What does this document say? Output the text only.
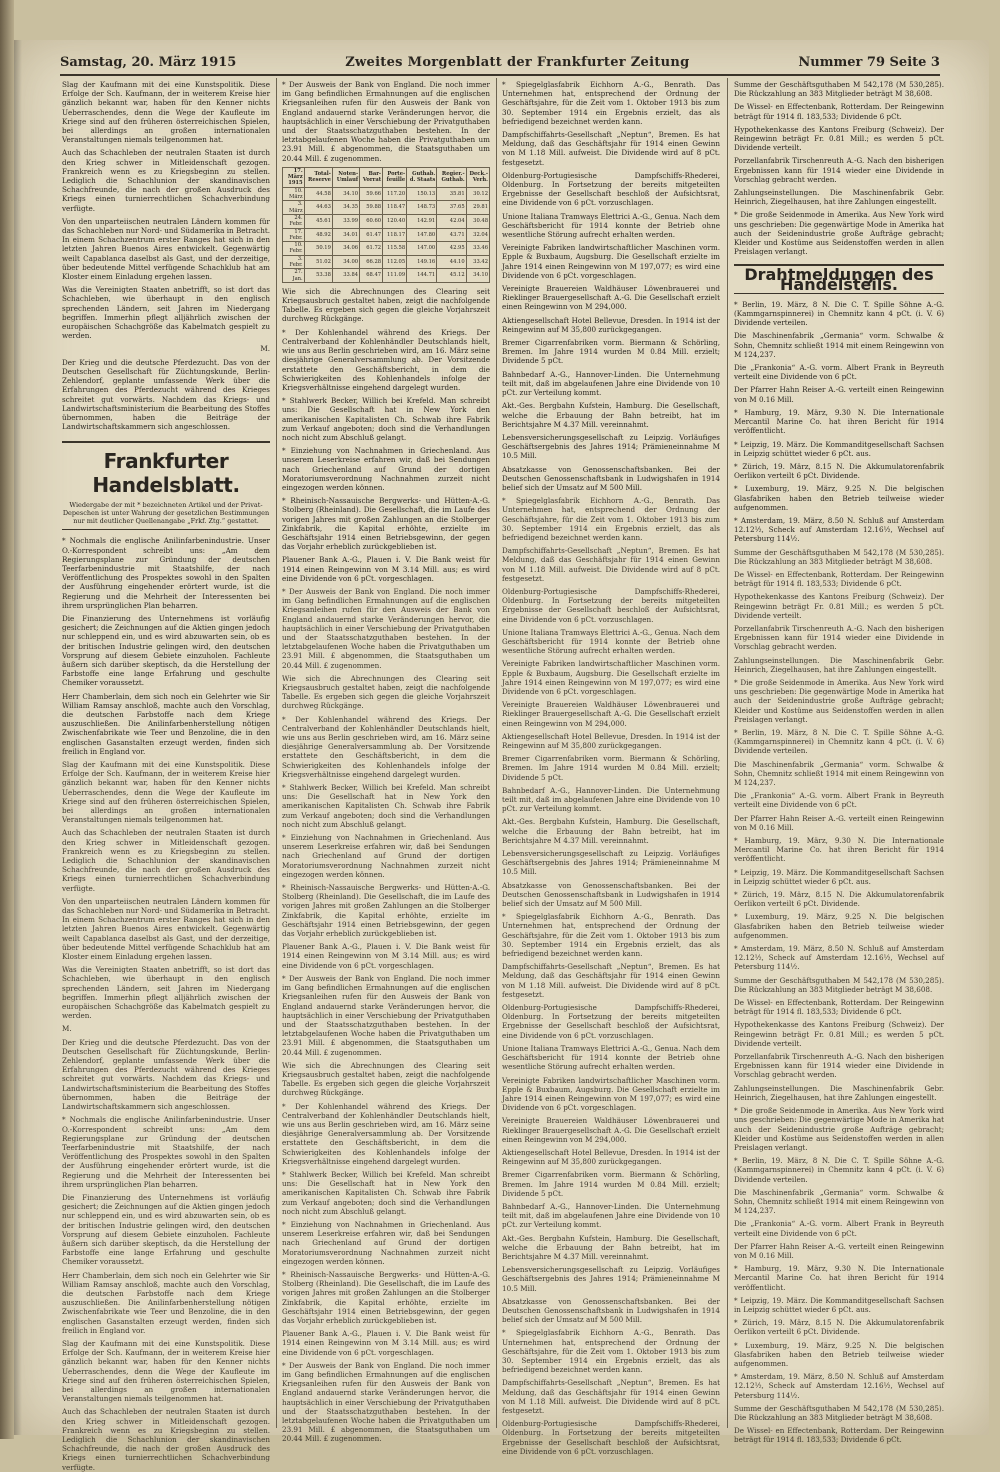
Samstag, 20. März 1915	Zweites Morgenblatt der Frankfurter Zeitung	Nummer 79 Seite 3

Slag der Kaufmann mit dei eine Kunstspolitik. Diese Erfolge der Sch. Kaufmann, der in weiterem Kreise hier gänzlich bekannt war, haben für den Kenner nichts Ueberraschendes, denn die Wege der Kaufleute im Kriege sind auf den früheren österreichischen Spielen, bei allerdings an großen internationalen Veranstaltungen niemals teilgenommen hat.

Auch das Schachleben der neutralen Staaten ist durch den Krieg schwer in Mitleidenschaft gezogen. Frankreich wenn es zu Kriegsbeginn zu stellen. Lediglich die Schachlunion der skandinavischen Schachfreunde, die nach der großen Ausdruck des Kriegs einen turnierrechtlichen Schachverbindung verfügte.

Von den unparteiischen neutralen Ländern kommen für das Schachleben nur Nord- und Südamerika in Betracht. In einem Schachzentrum erster Ranges hat sich in den letzten Jahren Buenos Aires entwickelt. Gegenwärtig weilt Capablanca daselbst als Gast, und der derzeitige, über bedeutende Mittel verfügende Schachklub hat am Kloster einem Einladung ergehen lassen.

Was die Vereinigten Staaten anbetrifft, so ist dort das Schachleben, wie überhaupt in den englisch sprechenden Ländern, seit Jahren im Niedergang begriffen. Immerhin pflegt alljährlich zwischen der europäischen Schachgröße das Kabelmatch gespielt zu werden.

M.

Der Krieg und die deutsche Pferdezucht. Das von der Deutschen Gesellschaft für Züchtungskunde, Berlin-Zehlendorf, geplante umfassende Werk über die Erfahrungen des Pferdezucht während des Krieges schreitet gut vorwärts. Nachdem das Kriegs- und Landwirtschaftsministerium die Bearbeitung des Stoffes übernommen, haben die Beiträge der Landwirtschaftskammern sich angeschlossen.

Frankfurter Handelsblatt.
Wiedergabe der mit * bezeichneten Artikel und der Privat-Depeschen ist unter Wahrung der gesetzlichen Bestimmungen nur mit deutlicher Quellenangabe „Frkf. Ztg.“ gestattet.

* Nochmals die englische Anilinfarbenindustrie. Unser O.-Korrespondent schreibt uns: „Am dem Regierungsplane zur Gründung der deutschen Teerfarbenindustrie mit Staatshilfe, der nach Veröffentlichung des Prospektes sowohl in den Spalten der Ausführung eingehender erörtert wurde, ist die Regierung und die Mehrheit der Interessenten bei ihrem ursprünglichen Plan beharren.

Die Finanzierung des Unternehmens ist vorläufig gesichert; die Zeichnungen auf die Aktien gingen jedoch nur schleppend ein, und es wird abzuwarten sein, ob es der britischen Industrie gelingen wird, den deutschen Vorsprung auf diesem Gebiete einzuholen. Fachleute äußern sich darüber skeptisch, da die Herstellung der Farbstoffe eine lange Erfahrung und geschulte Chemiker voraussetzt.

Herr Chamberlain, dem sich noch ein Gelehrter wie Sir William Ramsay anschloß, machte auch den Vorschlag, die deutschen Farbstoffe nach dem Kriege auszuschließen. Die Anilinfarbenherstellung nötigen Zwischenfabrikate wie Teer und Benzoline, die in den englischen Gasanstalten erzeugt werden, finden sich freilich in England vor.

Slag der Kaufmann mit dei eine Kunstspolitik. Diese Erfolge der Sch. Kaufmann, der in weiterem Kreise hier gänzlich bekannt war, haben für den Kenner nichts Ueberraschendes, denn die Wege der Kaufleute im Kriege sind auf den früheren österreichischen Spielen, bei allerdings an großen internationalen Veranstaltungen niemals teilgenommen hat.

Auch das Schachleben der neutralen Staaten ist durch den Krieg schwer in Mitleidenschaft gezogen. Frankreich wenn es zu Kriegsbeginn zu stellen. Lediglich die Schachlunion der skandinavischen Schachfreunde, die nach der großen Ausdruck des Kriegs einen turnierrechtlichen Schachverbindung verfügte.

Von den unparteiischen neutralen Ländern kommen für das Schachleben nur Nord- und Südamerika in Betracht. In einem Schachzentrum erster Ranges hat sich in den letzten Jahren Buenos Aires entwickelt. Gegenwärtig weilt Capablanca daselbst als Gast, und der derzeitige, über bedeutende Mittel verfügende Schachklub hat am Kloster einem Einladung ergehen lassen.

Was die Vereinigten Staaten anbetrifft, so ist dort das Schachleben, wie überhaupt in den englisch sprechenden Ländern, seit Jahren im Niedergang begriffen. Immerhin pflegt alljährlich zwischen der europäischen Schachgröße das Kabelmatch gespielt zu werden.

M.

Der Krieg und die deutsche Pferdezucht. Das von der Deutschen Gesellschaft für Züchtungskunde, Berlin-Zehlendorf, geplante umfassende Werk über die Erfahrungen des Pferdezucht während des Krieges schreitet gut vorwärts. Nachdem das Kriegs- und Landwirtschaftsministerium die Bearbeitung des Stoffes übernommen, haben die Beiträge der Landwirtschaftskammern sich angeschlossen.

* Nochmals die englische Anilinfarbenindustrie. Unser O.-Korrespondent schreibt uns: „Am dem Regierungsplane zur Gründung der deutschen Teerfarbenindustrie mit Staatshilfe, der nach Veröffentlichung des Prospektes sowohl in den Spalten der Ausführung eingehender erörtert wurde, ist die Regierung und die Mehrheit der Interessenten bei ihrem ursprünglichen Plan beharren.

Die Finanzierung des Unternehmens ist vorläufig gesichert; die Zeichnungen auf die Aktien gingen jedoch nur schleppend ein, und es wird abzuwarten sein, ob es der britischen Industrie gelingen wird, den deutschen Vorsprung auf diesem Gebiete einzuholen. Fachleute äußern sich darüber skeptisch, da die Herstellung der Farbstoffe eine lange Erfahrung und geschulte Chemiker voraussetzt.

Herr Chamberlain, dem sich noch ein Gelehrter wie Sir William Ramsay anschloß, machte auch den Vorschlag, die deutschen Farbstoffe nach dem Kriege auszuschließen. Die Anilinfarbenherstellung nötigen Zwischenfabrikate wie Teer und Benzoline, die in den englischen Gasanstalten erzeugt werden, finden sich freilich in England vor.

Slag der Kaufmann mit dei eine Kunstspolitik. Diese Erfolge der Sch. Kaufmann, der in weiterem Kreise hier gänzlich bekannt war, haben für den Kenner nichts Ueberraschendes, denn die Wege der Kaufleute im Kriege sind auf den früheren österreichischen Spielen, bei allerdings an großen internationalen Veranstaltungen niemals teilgenommen hat.

Auch das Schachleben der neutralen Staaten ist durch den Krieg schwer in Mitleidenschaft gezogen. Frankreich wenn es zu Kriegsbeginn zu stellen. Lediglich die Schachlunion der skandinavischen Schachfreunde, die nach der großen Ausdruck des Kriegs einen turnierrechtlichen Schachverbindung verfügte.

* Der Ausweis der Bank von England. Die noch immer im Gang befindlichen Ermahnungen auf die englischen Kriegsanleihen rufen für den Ausweis der Bank von England andauernd starke Veränderungen hervor, die hauptsächlich in einer Verschiebung der Privatguthaben und der Staatsschatzguthaben bestehen. In der letztabgelaufenen Woche haben die Privatguthaben um 23.91 Mill. £ abgenommen, die Staatsguthaben um 20.44 Mill. £ zugenommen.

17. März 1915	Total-Reserve	Noten-Umlauf	Bar-Vorrat	Porte-feuille	Guthab. d. Staats	Regier.-Guthab.	Deck.-Verh.
10. März	44.58	34.10	59.66	117.20	150.13	35.81	30.12
3. März	44.63	34.35	59.88	118.47	148.73	37.65	29.81
24. Febr.	45.61	33.99	60.60	120.40	142.91	42.04	30.48
17. Febr.	48.92	34.01	61.47	118.17	147.80	43.71	32.04
10. Febr.	50.19	34.06	61.72	115.58	147.00	42.95	33.46
3. Febr.	51.02	34.00	66.28	112.05	149.16	44.10	33.42
27. Jan.	53.38	33.84	68.47	111.09	144.71	45.12	34.10

Wie sich die Abrechnungen des Clearing seit Kriegsausbruch gestaltet haben, zeigt die nachfolgende Tabelle. Es ergeben sich gegen die gleiche Vorjahrszeit durchweg Rückgänge.

* Der Kohlenhandel während des Kriegs. Der Centralverband der Kohlenhändler Deutschlands hielt, wie uns aus Berlin geschrieben wird, am 16. März seine diesjährige Generalversammlung ab. Der Vorsitzende erstattete den Geschäftsbericht, in dem die Schwierigkeiten des Kohlenhandels infolge der Kriegsverhältnisse eingehend dargelegt wurden.

* Stahlwerk Becker, Willich bei Krefeld. Man schreibt uns: Die Gesellschaft hat in New York den amerikanischen Kapitalisten Ch. Schwab ihre Fabrik zum Verkauf angeboten; doch sind die Verhandlungen noch nicht zum Abschluß gelangt.

* Einziehung von Nachnahmen in Griechenland. Aus unserem Leserkreise erfahren wir, daß bei Sendungen nach Griechenland auf Grund der dortigen Moratoriumsverordnung Nachnahmen zurzeit nicht eingezogen werden können.

* Rheinisch-Nassauische Bergwerks- und Hütten-A.-G. Stolberg (Rheinland). Die Gesellschaft, die im Laufe des vorigen Jahres mit großen Zahlungen an die Stolberger Zinkfabrik, die Kapital erhöhte, erzielte im Geschäftsjahr 1914 einen Betriebsgewinn, der gegen das Vorjahr erheblich zurückgeblieben ist.

Plauener Bank A.-G., Plauen i. V. Die Bank weist für 1914 einen Reingewinn von M 3.14 Mill. aus; es wird eine Dividende von 6 pCt. vorgeschlagen.

* Der Ausweis der Bank von England. Die noch immer im Gang befindlichen Ermahnungen auf die englischen Kriegsanleihen rufen für den Ausweis der Bank von England andauernd starke Veränderungen hervor, die hauptsächlich in einer Verschiebung der Privatguthaben und der Staatsschatzguthaben bestehen. In der letztabgelaufenen Woche haben die Privatguthaben um 23.91 Mill. £ abgenommen, die Staatsguthaben um 20.44 Mill. £ zugenommen.

Wie sich die Abrechnungen des Clearing seit Kriegsausbruch gestaltet haben, zeigt die nachfolgende Tabelle. Es ergeben sich gegen die gleiche Vorjahrszeit durchweg Rückgänge.

* Der Kohlenhandel während des Kriegs. Der Centralverband der Kohlenhändler Deutschlands hielt, wie uns aus Berlin geschrieben wird, am 16. März seine diesjährige Generalversammlung ab. Der Vorsitzende erstattete den Geschäftsbericht, in dem die Schwierigkeiten des Kohlenhandels infolge der Kriegsverhältnisse eingehend dargelegt wurden.

* Stahlwerk Becker, Willich bei Krefeld. Man schreibt uns: Die Gesellschaft hat in New York den amerikanischen Kapitalisten Ch. Schwab ihre Fabrik zum Verkauf angeboten; doch sind die Verhandlungen noch nicht zum Abschluß gelangt.

* Einziehung von Nachnahmen in Griechenland. Aus unserem Leserkreise erfahren wir, daß bei Sendungen nach Griechenland auf Grund der dortigen Moratoriumsverordnung Nachnahmen zurzeit nicht eingezogen werden können.

* Rheinisch-Nassauische Bergwerks- und Hütten-A.-G. Stolberg (Rheinland). Die Gesellschaft, die im Laufe des vorigen Jahres mit großen Zahlungen an die Stolberger Zinkfabrik, die Kapital erhöhte, erzielte im Geschäftsjahr 1914 einen Betriebsgewinn, der gegen das Vorjahr erheblich zurückgeblieben ist.

Plauener Bank A.-G., Plauen i. V. Die Bank weist für 1914 einen Reingewinn von M 3.14 Mill. aus; es wird eine Dividende von 6 pCt. vorgeschlagen.

* Der Ausweis der Bank von England. Die noch immer im Gang befindlichen Ermahnungen auf die englischen Kriegsanleihen rufen für den Ausweis der Bank von England andauernd starke Veränderungen hervor, die hauptsächlich in einer Verschiebung der Privatguthaben und der Staatsschatzguthaben bestehen. In der letztabgelaufenen Woche haben die Privatguthaben um 23.91 Mill. £ abgenommen, die Staatsguthaben um 20.44 Mill. £ zugenommen.

Wie sich die Abrechnungen des Clearing seit Kriegsausbruch gestaltet haben, zeigt die nachfolgende Tabelle. Es ergeben sich gegen die gleiche Vorjahrszeit durchweg Rückgänge.

* Der Kohlenhandel während des Kriegs. Der Centralverband der Kohlenhändler Deutschlands hielt, wie uns aus Berlin geschrieben wird, am 16. März seine diesjährige Generalversammlung ab. Der Vorsitzende erstattete den Geschäftsbericht, in dem die Schwierigkeiten des Kohlenhandels infolge der Kriegsverhältnisse eingehend dargelegt wurden.

* Stahlwerk Becker, Willich bei Krefeld. Man schreibt uns: Die Gesellschaft hat in New York den amerikanischen Kapitalisten Ch. Schwab ihre Fabrik zum Verkauf angeboten; doch sind die Verhandlungen noch nicht zum Abschluß gelangt.

* Einziehung von Nachnahmen in Griechenland. Aus unserem Leserkreise erfahren wir, daß bei Sendungen nach Griechenland auf Grund der dortigen Moratoriumsverordnung Nachnahmen zurzeit nicht eingezogen werden können.

* Rheinisch-Nassauische Bergwerks- und Hütten-A.-G. Stolberg (Rheinland). Die Gesellschaft, die im Laufe des vorigen Jahres mit großen Zahlungen an die Stolberger Zinkfabrik, die Kapital erhöhte, erzielte im Geschäftsjahr 1914 einen Betriebsgewinn, der gegen das Vorjahr erheblich zurückgeblieben ist.

Plauener Bank A.-G., Plauen i. V. Die Bank weist für 1914 einen Reingewinn von M 3.14 Mill. aus; es wird eine Dividende von 6 pCt. vorgeschlagen.

* Der Ausweis der Bank von England. Die noch immer im Gang befindlichen Ermahnungen auf die englischen Kriegsanleihen rufen für den Ausweis der Bank von England andauernd starke Veränderungen hervor, die hauptsächlich in einer Verschiebung der Privatguthaben und der Staatsschatzguthaben bestehen. In der letztabgelaufenen Woche haben die Privatguthaben um 23.91 Mill. £ abgenommen, die Staatsguthaben um 20.44 Mill. £ zugenommen.

* Spiegelglasfabrik Eichhorn A.-G., Benrath. Das Unternehmen hat, entsprechend der Ordnung der Geschäftsjahre, für die Zeit vom 1. Oktober 1913 bis zum 30. September 1914 ein Ergebnis erzielt, das als befriedigend bezeichnet werden kann.

Dampfschiffahrts-Gesellschaft „Neptun“, Bremen. Es hat Meldung, daß das Geschäftsjahr für 1914 einen Gewinn von M 1.18 Mill. aufweist. Die Dividende wird auf 8 pCt. festgesetzt.

Oldenburg-Portugiesische Dampfschiffs-Rhederei, Oldenburg. In Fortsetzung der bereits mitgeteilten Ergebnisse der Gesellschaft beschloß der Aufsichtsrat, eine Dividende von 6 pCt. vorzuschlagen.

Unione Italiana Tramways Elettrici A.-G., Genua. Nach dem Geschäftsbericht für 1914 konnte der Betrieb ohne wesentliche Störung aufrecht erhalten werden.

Vereinigte Fabriken landwirtschaftlicher Maschinen vorm. Epple & Buxbaum, Augsburg. Die Gesellschaft erzielte im Jahre 1914 einen Reingewinn von M 197,077; es wird eine Dividende von 6 pCt. vorgeschlagen.

Vereinigte Brauereien Waldhäuser Löwenbrauerei und Rieklinger Brauergesellschaft A.-G. Die Gesellschaft erzielt einen Reingewinn von M 294,000.

Aktiengesellschaft Hotel Bellevue, Dresden. In 1914 ist der Reingewinn auf M 35,800 zurückgegangen.

Bremer Cigarrenfabriken vorm. Biermann & Schörling, Bremen. Im Jahre 1914 wurden M 0.84 Mill. erzielt; Dividende 5 pCt.

Bahnbedarf A.-G., Hannover-Linden. Die Unternehmung teilt mit, daß im abgelaufenen Jahre eine Dividende von 10 pCt. zur Verteilung kommt.

Akt.-Ges. Bergbahn Kufstein, Hamburg. Die Gesellschaft, welche die Erbauung der Bahn betreibt, hat im Berichtsjahre M 4.37 Mill. vereinnahmt.

Lebensversicherungsgesellschaft zu Leipzig. Vorläufiges Geschäftsergebnis des Jahres 1914; Prämieneinnahme M 10.5 Mill.

Absatzkasse von Genossenschaftsbanken. Bei der Deutschen Genossenschaftsbank in Ludwigshafen in 1914 belief sich der Umsatz auf M 500 Mill.

* Spiegelglasfabrik Eichhorn A.-G., Benrath. Das Unternehmen hat, entsprechend der Ordnung der Geschäftsjahre, für die Zeit vom 1. Oktober 1913 bis zum 30. September 1914 ein Ergebnis erzielt, das als befriedigend bezeichnet werden kann.

Dampfschiffahrts-Gesellschaft „Neptun“, Bremen. Es hat Meldung, daß das Geschäftsjahr für 1914 einen Gewinn von M 1.18 Mill. aufweist. Die Dividende wird auf 8 pCt. festgesetzt.

Oldenburg-Portugiesische Dampfschiffs-Rhederei, Oldenburg. In Fortsetzung der bereits mitgeteilten Ergebnisse der Gesellschaft beschloß der Aufsichtsrat, eine Dividende von 6 pCt. vorzuschlagen.

Unione Italiana Tramways Elettrici A.-G., Genua. Nach dem Geschäftsbericht für 1914 konnte der Betrieb ohne wesentliche Störung aufrecht erhalten werden.

Vereinigte Fabriken landwirtschaftlicher Maschinen vorm. Epple & Buxbaum, Augsburg. Die Gesellschaft erzielte im Jahre 1914 einen Reingewinn von M 197,077; es wird eine Dividende von 6 pCt. vorgeschlagen.

Vereinigte Brauereien Waldhäuser Löwenbrauerei und Rieklinger Brauergesellschaft A.-G. Die Gesellschaft erzielt einen Reingewinn von M 294,000.

Aktiengesellschaft Hotel Bellevue, Dresden. In 1914 ist der Reingewinn auf M 35,800 zurückgegangen.

Bremer Cigarrenfabriken vorm. Biermann & Schörling, Bremen. Im Jahre 1914 wurden M 0.84 Mill. erzielt; Dividende 5 pCt.

Bahnbedarf A.-G., Hannover-Linden. Die Unternehmung teilt mit, daß im abgelaufenen Jahre eine Dividende von 10 pCt. zur Verteilung kommt.

Akt.-Ges. Bergbahn Kufstein, Hamburg. Die Gesellschaft, welche die Erbauung der Bahn betreibt, hat im Berichtsjahre M 4.37 Mill. vereinnahmt.

Lebensversicherungsgesellschaft zu Leipzig. Vorläufiges Geschäftsergebnis des Jahres 1914; Prämieneinnahme M 10.5 Mill.

Absatzkasse von Genossenschaftsbanken. Bei der Deutschen Genossenschaftsbank in Ludwigshafen in 1914 belief sich der Umsatz auf M 500 Mill.

* Spiegelglasfabrik Eichhorn A.-G., Benrath. Das Unternehmen hat, entsprechend der Ordnung der Geschäftsjahre, für die Zeit vom 1. Oktober 1913 bis zum 30. September 1914 ein Ergebnis erzielt, das als befriedigend bezeichnet werden kann.

Dampfschiffahrts-Gesellschaft „Neptun“, Bremen. Es hat Meldung, daß das Geschäftsjahr für 1914 einen Gewinn von M 1.18 Mill. aufweist. Die Dividende wird auf 8 pCt. festgesetzt.

Oldenburg-Portugiesische Dampfschiffs-Rhederei, Oldenburg. In Fortsetzung der bereits mitgeteilten Ergebnisse der Gesellschaft beschloß der Aufsichtsrat, eine Dividende von 6 pCt. vorzuschlagen.

Unione Italiana Tramways Elettrici A.-G., Genua. Nach dem Geschäftsbericht für 1914 konnte der Betrieb ohne wesentliche Störung aufrecht erhalten werden.

Vereinigte Fabriken landwirtschaftlicher Maschinen vorm. Epple & Buxbaum, Augsburg. Die Gesellschaft erzielte im Jahre 1914 einen Reingewinn von M 197,077; es wird eine Dividende von 6 pCt. vorgeschlagen.

Vereinigte Brauereien Waldhäuser Löwenbrauerei und Rieklinger Brauergesellschaft A.-G. Die Gesellschaft erzielt einen Reingewinn von M 294,000.

Aktiengesellschaft Hotel Bellevue, Dresden. In 1914 ist der Reingewinn auf M 35,800 zurückgegangen.

Bremer Cigarrenfabriken vorm. Biermann & Schörling, Bremen. Im Jahre 1914 wurden M 0.84 Mill. erzielt; Dividende 5 pCt.

Bahnbedarf A.-G., Hannover-Linden. Die Unternehmung teilt mit, daß im abgelaufenen Jahre eine Dividende von 10 pCt. zur Verteilung kommt.

Akt.-Ges. Bergbahn Kufstein, Hamburg. Die Gesellschaft, welche die Erbauung der Bahn betreibt, hat im Berichtsjahre M 4.37 Mill. vereinnahmt.

Lebensversicherungsgesellschaft zu Leipzig. Vorläufiges Geschäftsergebnis des Jahres 1914; Prämieneinnahme M 10.5 Mill.

Absatzkasse von Genossenschaftsbanken. Bei der Deutschen Genossenschaftsbank in Ludwigshafen in 1914 belief sich der Umsatz auf M 500 Mill.

* Spiegelglasfabrik Eichhorn A.-G., Benrath. Das Unternehmen hat, entsprechend der Ordnung der Geschäftsjahre, für die Zeit vom 1. Oktober 1913 bis zum 30. September 1914 ein Ergebnis erzielt, das als befriedigend bezeichnet werden kann.

Dampfschiffahrts-Gesellschaft „Neptun“, Bremen. Es hat Meldung, daß das Geschäftsjahr für 1914 einen Gewinn von M 1.18 Mill. aufweist. Die Dividende wird auf 8 pCt. festgesetzt.

Oldenburg-Portugiesische Dampfschiffs-Rhederei, Oldenburg. In Fortsetzung der bereits mitgeteilten Ergebnisse der Gesellschaft beschloß der Aufsichtsrat, eine Dividende von 6 pCt. vorzuschlagen.

Summe der Geschäftsguthaben M 542,178 (M 530,285). Die Rückzahlung an 383 Mitglieder beträgt M 38,608.

De Wissel- en Effectenbank, Rotterdam. Der Reingewinn beträgt für 1914 fl. 183,533; Dividende 6 pCt.

Hypothekenkasse des Kantons Freiburg (Schweiz). Der Reingewinn beträgt Fr. 0.81 Mill.; es werden 5 pCt. Dividende verteilt.

Porzellanfabrik Tirschenreuth A.-G. Nach den bisherigen Ergebnissen kann für 1914 wieder eine Dividende in Vorschlag gebracht werden.

Zahlungseinstellungen. Die Maschinenfabrik Gebr. Heinrich, Ziegelhausen, hat ihre Zahlungen eingestellt.

* Die große Seidenmode in Amerika. Aus New York wird uns geschrieben: Die gegenwärtige Mode in Amerika hat auch der Seidenindustrie große Aufträge gebracht; Kleider und Kostüme aus Seidenstoffen werden in allen Preislagen verlangt.

Drahtmeldungen des Handelsteils.

* Berlin, 19. März, 8 N. Die C. T. Spille Söhne A.-G. (Kammgarnspinnerei) in Chemnitz kann 4 pCt. (i. V. 6) Dividende verteilen.

Die Maschinenfabrik „Germania“ vorm. Schwalbe & Sohn, Chemnitz schließt 1914 mit einem Reingewinn von M 124,237.

Die „Frankonia“ A.-G. vorm. Albert Frank in Beyreuth verteilt eine Dividende von 6 pCt.

Der Pfarrer Hahn Reiser A.-G. verteilt einen Reingewinn von M 0.16 Mill.

* Hamburg, 19. März, 9.30 N. Die Internationale Mercantil Marine Co. hat ihren Bericht für 1914 veröffentlicht.

* Leipzig, 19. März. Die Kommanditgesellschaft Sachsen in Leipzig schüttet wieder 6 pCt. aus.

* Zürich, 19. März, 8.15 N. Die Akkumulatorenfabrik Oerlikon verteilt 6 pCt. Dividende.

* Luxemburg, 19. März, 9.25 N. Die belgischen Glasfabriken haben den Betrieb teilweise wieder aufgenommen.

* Amsterdam, 19. März, 8.50 N. Schluß auf Amsterdam 12.12½, Scheck auf Amsterdam 12.16½, Wechsel auf Petersburg 114½.

Summe der Geschäftsguthaben M 542,178 (M 530,285). Die Rückzahlung an 383 Mitglieder beträgt M 38,608.

De Wissel- en Effectenbank, Rotterdam. Der Reingewinn beträgt für 1914 fl. 183,533; Dividende 6 pCt.

Hypothekenkasse des Kantons Freiburg (Schweiz). Der Reingewinn beträgt Fr. 0.81 Mill.; es werden 5 pCt. Dividende verteilt.

Porzellanfabrik Tirschenreuth A.-G. Nach den bisherigen Ergebnissen kann für 1914 wieder eine Dividende in Vorschlag gebracht werden.

Zahlungseinstellungen. Die Maschinenfabrik Gebr. Heinrich, Ziegelhausen, hat ihre Zahlungen eingestellt.

* Die große Seidenmode in Amerika. Aus New York wird uns geschrieben: Die gegenwärtige Mode in Amerika hat auch der Seidenindustrie große Aufträge gebracht; Kleider und Kostüme aus Seidenstoffen werden in allen Preislagen verlangt.

* Berlin, 19. März, 8 N. Die C. T. Spille Söhne A.-G. (Kammgarnspinnerei) in Chemnitz kann 4 pCt. (i. V. 6) Dividende verteilen.

Die Maschinenfabrik „Germania“ vorm. Schwalbe & Sohn, Chemnitz schließt 1914 mit einem Reingewinn von M 124,237.

Die „Frankonia“ A.-G. vorm. Albert Frank in Beyreuth verteilt eine Dividende von 6 pCt.

Der Pfarrer Hahn Reiser A.-G. verteilt einen Reingewinn von M 0.16 Mill.

* Hamburg, 19. März, 9.30 N. Die Internationale Mercantil Marine Co. hat ihren Bericht für 1914 veröffentlicht.

* Leipzig, 19. März. Die Kommanditgesellschaft Sachsen in Leipzig schüttet wieder 6 pCt. aus.

* Zürich, 19. März, 8.15 N. Die Akkumulatorenfabrik Oerlikon verteilt 6 pCt. Dividende.

* Luxemburg, 19. März, 9.25 N. Die belgischen Glasfabriken haben den Betrieb teilweise wieder aufgenommen.

* Amsterdam, 19. März, 8.50 N. Schluß auf Amsterdam 12.12½, Scheck auf Amsterdam 12.16½, Wechsel auf Petersburg 114½.

Summe der Geschäftsguthaben M 542,178 (M 530,285). Die Rückzahlung an 383 Mitglieder beträgt M 38,608.

De Wissel- en Effectenbank, Rotterdam. Der Reingewinn beträgt für 1914 fl. 183,533; Dividende 6 pCt.

Hypothekenkasse des Kantons Freiburg (Schweiz). Der Reingewinn beträgt Fr. 0.81 Mill.; es werden 5 pCt. Dividende verteilt.

Porzellanfabrik Tirschenreuth A.-G. Nach den bisherigen Ergebnissen kann für 1914 wieder eine Dividende in Vorschlag gebracht werden.

Zahlungseinstellungen. Die Maschinenfabrik Gebr. Heinrich, Ziegelhausen, hat ihre Zahlungen eingestellt.

* Die große Seidenmode in Amerika. Aus New York wird uns geschrieben: Die gegenwärtige Mode in Amerika hat auch der Seidenindustrie große Aufträge gebracht; Kleider und Kostüme aus Seidenstoffen werden in allen Preislagen verlangt.

* Berlin, 19. März, 8 N. Die C. T. Spille Söhne A.-G. (Kammgarnspinnerei) in Chemnitz kann 4 pCt. (i. V. 6) Dividende verteilen.

Die Maschinenfabrik „Germania“ vorm. Schwalbe & Sohn, Chemnitz schließt 1914 mit einem Reingewinn von M 124,237.

Die „Frankonia“ A.-G. vorm. Albert Frank in Beyreuth verteilt eine Dividende von 6 pCt.

Der Pfarrer Hahn Reiser A.-G. verteilt einen Reingewinn von M 0.16 Mill.

* Hamburg, 19. März, 9.30 N. Die Internationale Mercantil Marine Co. hat ihren Bericht für 1914 veröffentlicht.

* Leipzig, 19. März. Die Kommanditgesellschaft Sachsen in Leipzig schüttet wieder 6 pCt. aus.

* Zürich, 19. März, 8.15 N. Die Akkumulatorenfabrik Oerlikon verteilt 6 pCt. Dividende.

* Luxemburg, 19. März, 9.25 N. Die belgischen Glasfabriken haben den Betrieb teilweise wieder aufgenommen.

* Amsterdam, 19. März, 8.50 N. Schluß auf Amsterdam 12.12½, Scheck auf Amsterdam 12.16½, Wechsel auf Petersburg 114½.

Summe der Geschäftsguthaben M 542,178 (M 530,285). Die Rückzahlung an 383 Mitglieder beträgt M 38,608.

De Wissel- en Effectenbank, Rotterdam. Der Reingewinn beträgt für 1914 fl. 183,533; Dividende 6 pCt.
